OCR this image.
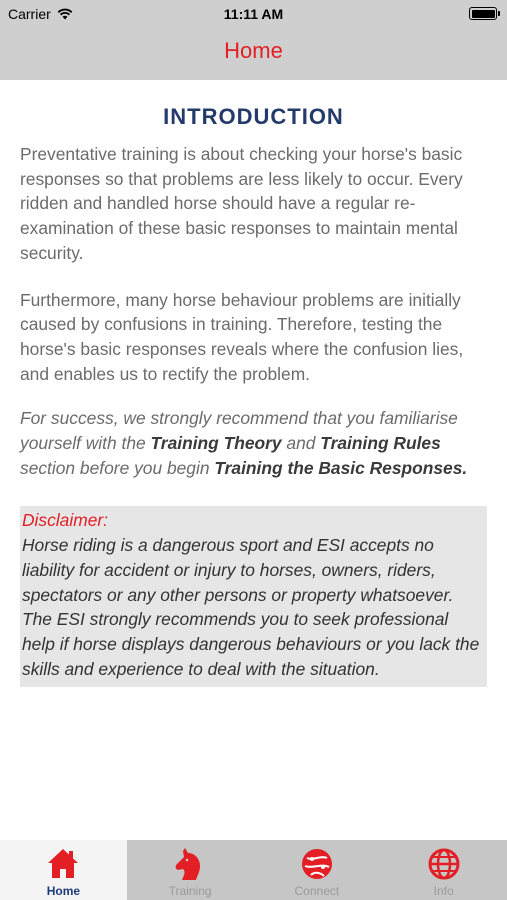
Carrier	11:11 AM
Home
INTRODUCTION

Preventative training is about checking your horse's basic responses so that problems are less likely to occur. Every ridden and handled horse should have a regular re-examination of these basic responses to maintain mental security.

Furthermore, many horse behaviour problems are initially caused by confusions in training. Therefore, testing the horse's basic responses reveals where the confusion lies, and enables us to rectify the problem.

For success, we strongly recommend that you familiarise yourself with the Training Theory and Training Rules section before you begin Training the Basic Responses.

Disclaimer:
Horse riding is a dangerous sport and ESI accepts no liability for accident or injury to horses, owners, riders, spectators or any other persons or property whatsoever. The ESI strongly recommends you to seek professional help if horse displays dangerous behaviours or you lack the skills and experience to deal with the situation.
Home	Training	Connect	Info
